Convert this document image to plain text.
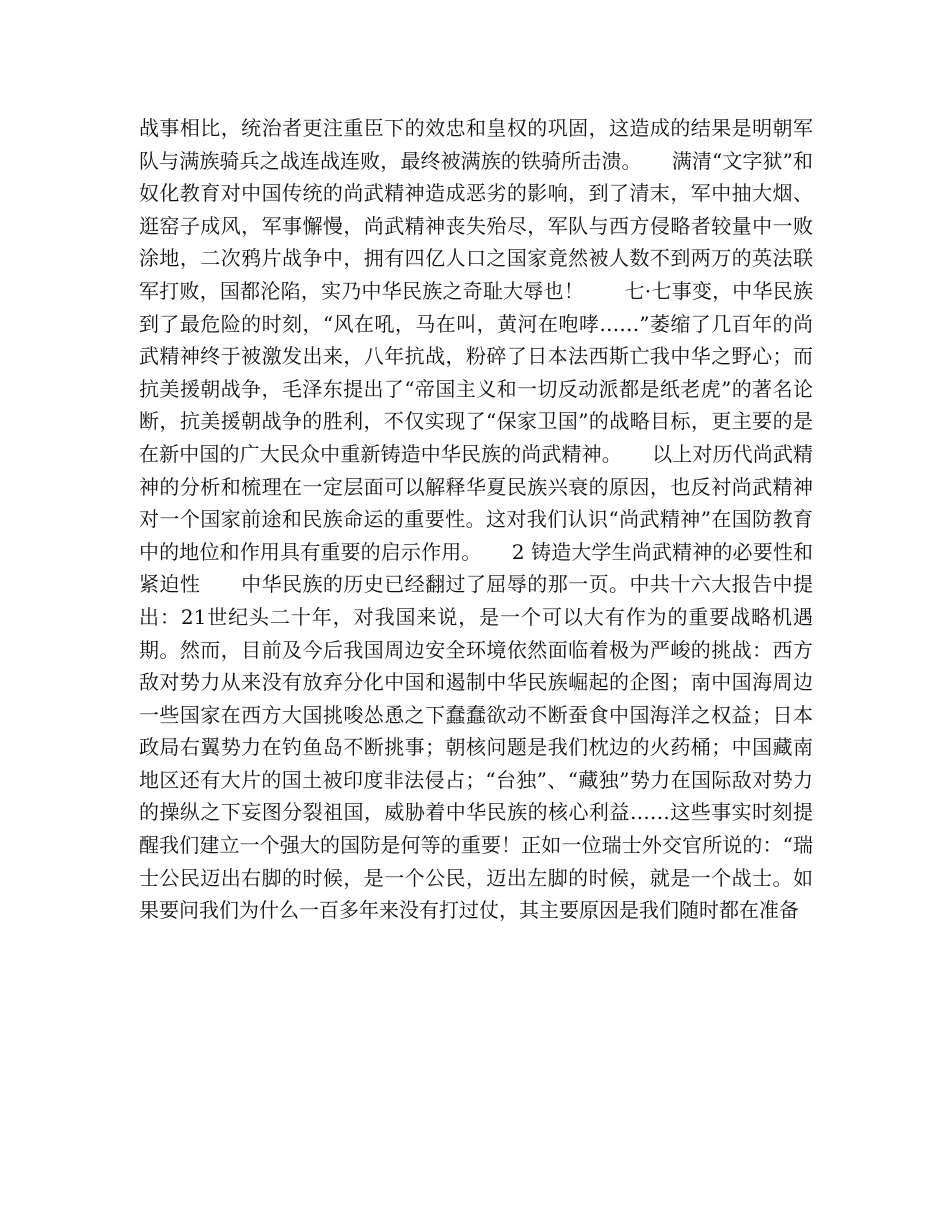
战事相比，统治者更注重臣下的效忠和皇权的巩固，这造成的结果是明朝军队与满族骑兵之战连战连败，最终被满族的铁骑所击溃。　　满清“文字狱”和奴化教育对中国传统的尚武精神造成恶劣的影响，到了清末，军中抽大烟、逛窑子成风，军事懈慢，尚武精神丧失殆尽，军队与西方侵略者较量中一败涂地，二次鸦片战争中，拥有四亿人口之国家竟然被人数不到两万的英法联军打败，国都沦陷，实乃中华民族之奇耻大辱也！　　七·七事变，中华民族到了最危险的时刻，“风在吼，马在叫，黄河在咆哮……”萎缩了几百年的尚武精神终于被激发出来，八年抗战，粉碎了日本法西斯亡我中华之野心；而抗美援朝战争，毛泽东提出了“帝国主义和一切反动派都是纸老虎”的著名论断，抗美援朝战争的胜利，不仅实现了“保家卫国”的战略目标，更主要的是在新中国的广大民众中重新铸造中华民族的尚武精神。　　以上对历代尚武精神的分析和梳理在一定层面可以解释华夏民族兴衰的原因，也反衬尚武精神对一个国家前途和民族命运的重要性。这对我们认识“尚武精神”在国防教育中的地位和作用具有重要的启示作用。　　2 铸造大学生尚武精神的必要性和紧迫性　　中华民族的历史已经翻过了屈辱的那一页。中共十六大报告中提出：21世纪头二十年，对我国来说，是一个可以大有作为的重要战略机遇期。然而，目前及今后我国周边安全环境依然面临着极为严峻的挑战：西方敌对势力从来没有放弃分化中国和遏制中华民族崛起的企图；南中国海周边一些国家在西方大国挑唆怂恿之下蠢蠢欲动不断蚕食中国海洋之权益；日本政局右翼势力在钓鱼岛不断挑事；朝核问题是我们枕边的火药桶；中国藏南地区还有大片的国土被印度非法侵占；“台独”、“藏独”势力在国际敌对势力的操纵之下妄图分裂祖国，威胁着中华民族的核心利益……这些事实时刻提醒我们建立一个强大的国防是何等的重要！正如一位瑞士外交官所说的：“瑞士公民迈出右脚的时候，是一个公民，迈出左脚的时候，就是一个战士。如果要问我们为什么一百多年来没有打过仗，其主要原因是我们随时都在准备
